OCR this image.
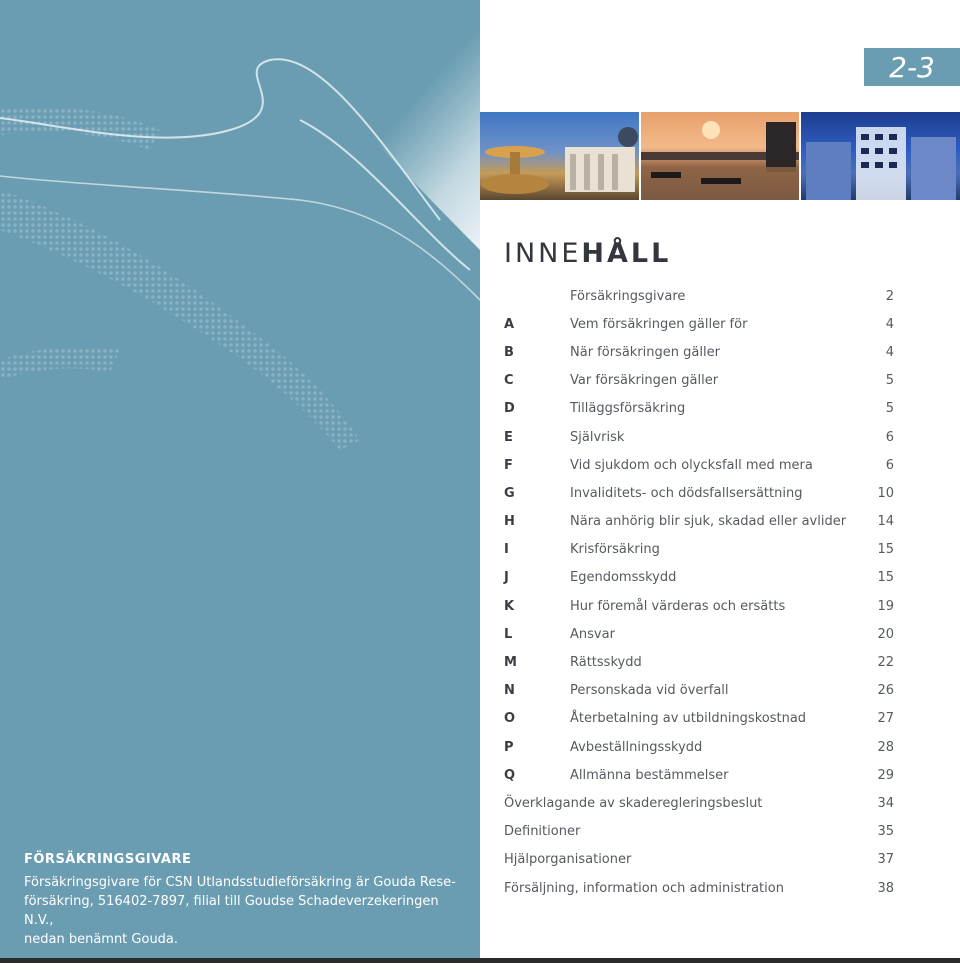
FÖRSÄKRINGSGIVARE
Försäkringsgivare för CSN Utlandsstudieförsäkring är Gouda Rese-
försäkring, 516402-7897, filial till Goudse Schadeverzekeringen N.V.,
nedan benämnt Gouda.
2-3
INNEHÅLL
Försäkringsgivare	2
A	Vem försäkringen gäller för	4
B	När försäkringen gäller	4
C	Var försäkringen gäller	5
D	Tilläggsförsäkring	5
E	Självrisk	6
F	Vid sjukdom och olycksfall med mera	6
G	Invaliditets- och dödsfallsersättning	10
H	Nära anhörig blir sjuk, skadad eller avlider	14
I	Krisförsäkring	15
J	Egendomsskydd	15
K	Hur föremål värderas och ersätts	19
L	Ansvar	20
M	Rättsskydd	22
N	Personskada vid överfall	26
O	Återbetalning av utbildningskostnad	27
P	Avbeställningsskydd	28
Q	Allmänna bestämmelser	29
Överklagande av skaderegleringsbeslut	34
Definitioner	35
Hjälporganisationer	37
Försäljning, information och administration	38
